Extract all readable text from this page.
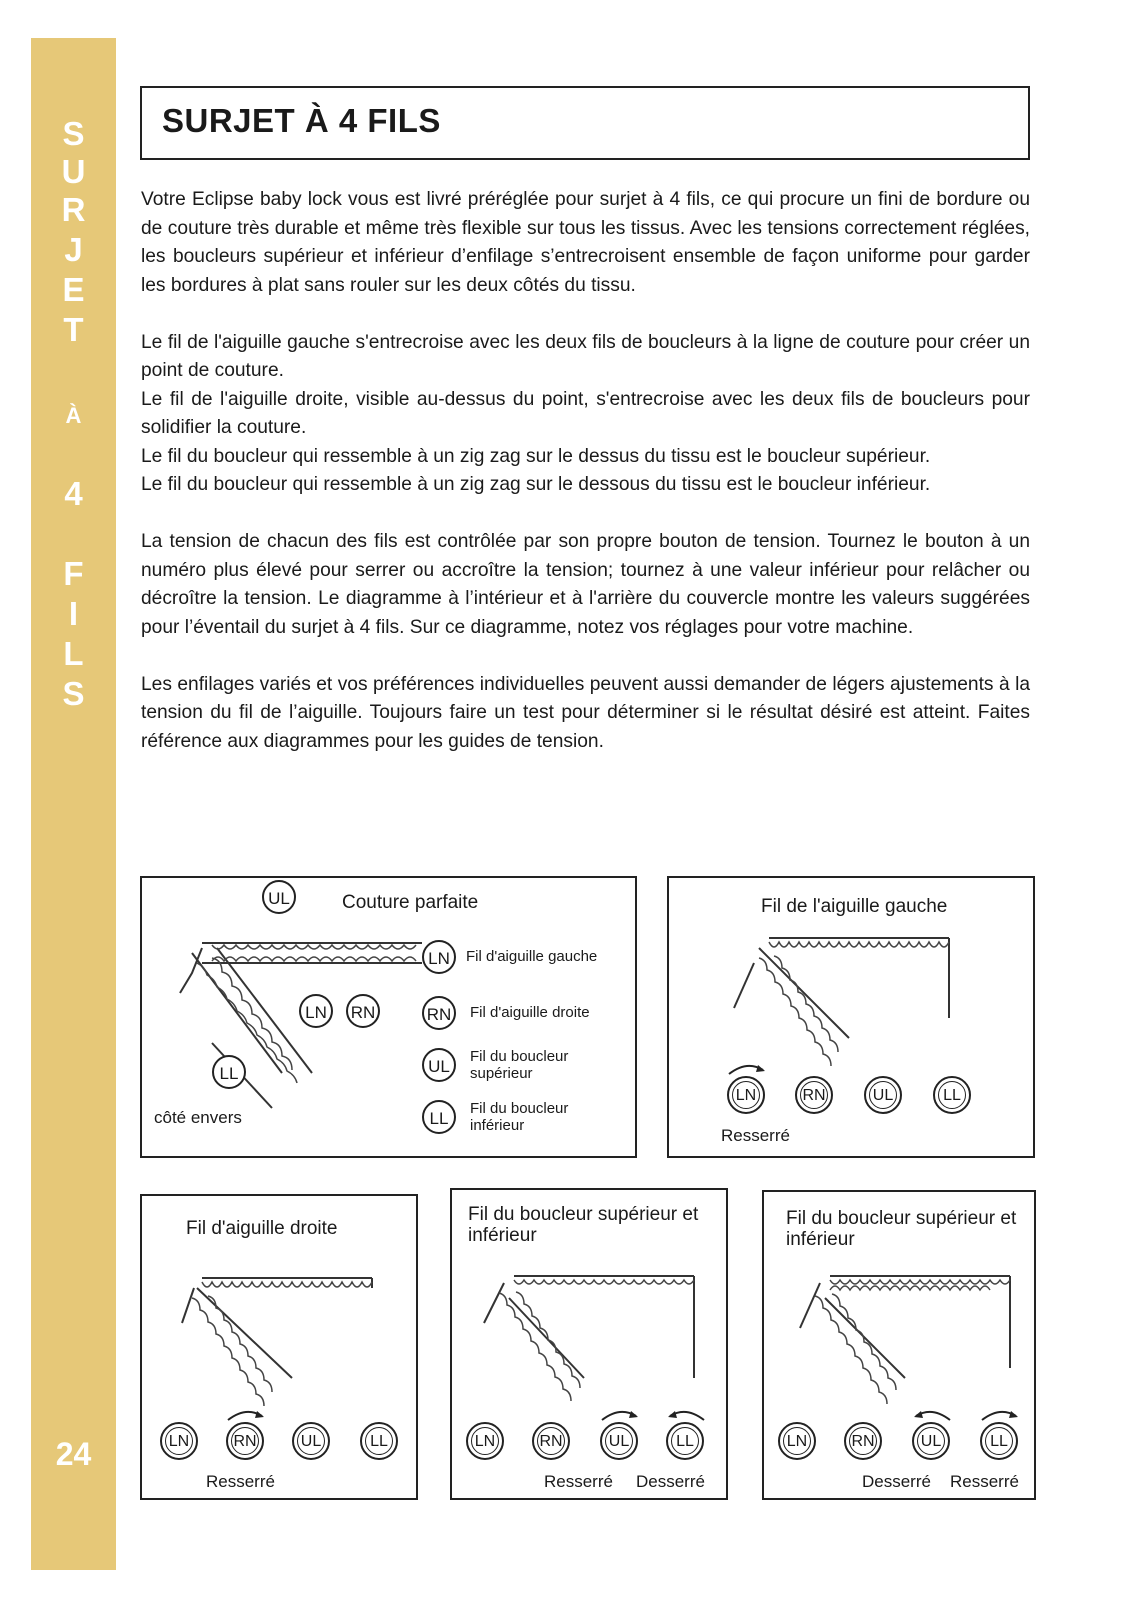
S
U
R
J
E
T
À
4
F
I
L
S
24
SURJET À 4 FILS

Votre Eclipse baby lock vous est livré préréglée pour surjet à 4 fils, ce qui procure un fini de bordure ou de couture très durable et même très flexible sur tous les tissus. Avec les tensions correctement réglées, les boucleurs supérieur et inférieur d’enfilage s’entrecroisent ensemble de façon uniforme pour garder les bordures à plat sans rouler sur les deux côtés du tissu.

Le fil de l'aiguille gauche s'entrecroise avec les deux fils de boucleurs à la ligne de couture pour créer un point de couture.

Le fil de l'aiguille droite, visible au-dessus du point, s'entrecroise avec les deux fils de boucleurs pour solidifier la couture.

Le fil du boucleur qui ressemble à un zig zag sur le dessus du tissu est le boucleur supérieur.

Le fil du boucleur qui ressemble à un zig zag sur le dessous du tissu est le boucleur inférieur.

La tension de chacun des fils est contrôlée par son propre bouton de tension. Tournez le bouton à un numéro plus élevé pour serrer ou accroître la tension; tournez à une valeur inférieur pour relâcher ou décroître la tension. Le diagramme à l’intérieur et à l'arrière du couvercle montre les valeurs suggérées pour l’éventail du surjet à 4 fils. Sur ce diagramme, notez vos réglages pour votre machine.

Les enfilages variés et vos préférences individuelles peuvent aussi demander de légers ajustements à la tension du fil de l’aiguille. Toujours faire un test pour déterminer si le résultat désiré est atteint. Faites référence aux diagrammes pour les guides de tension.

Couture parfaite
UL
LN RN
LL
côté envers
LN Fil d'aiguille gauche
RN Fil d'aiguille droite
UL
Fil du boucleur supérieur
LL
Fil du boucleur inférieur
Fil de l'aiguille gauche
LN	RN	UL	LL
Resserré
Fil d'aiguille droite
LN	RN	UL	LL
Resserré
Fil du boucleur supérieur et inférieur
LN	RN	UL	LL
Resserré Desserré
Fil du boucleur supérieur et inférieur
LN	RN	UL	LL
Desserré Resserré
